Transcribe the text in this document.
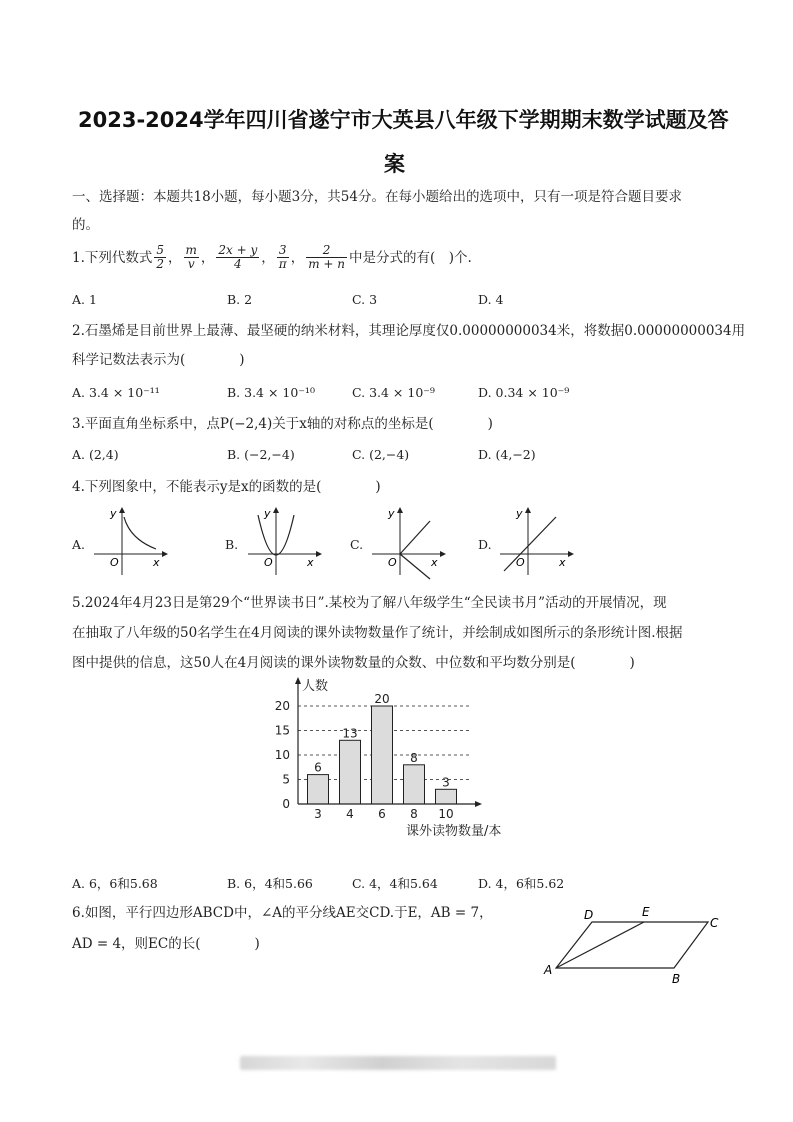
2023-2024学年四川省遂宁市大英县八年级下学期期末数学试题及答
案
一、选择题：本题共18小题，每小题3分，共54分。在每小题给出的选项中，只有一项是符合题目要求
的。
1.下列代数式 $\frac{5}{2}$ ， $\frac{m}{v}$ ， $\frac{2x + y}{4}$ ， $\frac{3}{\pi}$ ， $\frac{2}{m + n}$ 中是分式的有(　)个.
A. 1	B. 2	C. 3	D. 4
2.石墨烯是目前世界上最薄、最坚硬的纳米材料，其理论厚度仅0.00000000034米，将数据0.00000000034用
科学记数法表示为(　　　　)
A. 3.4 × 10⁻¹¹	B. 3.4 × 10⁻¹⁰	C. 3.4 × 10⁻⁹	D. 0.34 × 10⁻⁹
3.平面直角坐标系中，点P(−2,4)关于x轴的对称点的坐标是(　　　　)
A. (2,4)	B. (−2,−4)	C. (2,−4)	D. (4,−2)
4.下列图象中，不能表示y是x的函数的是(　　　　)
A.
y
x
O
B.
y
x
O
C.
y
x
O
D.
y
x
O
5.2024年4月23日是第29个“世界读书日”.某校为了解八年级学生“全民读书月”活动的开展情况，现
在抽取了八年级的50名学生在4月阅读的课外读物数量作了统计，并绘制成如图所示的条形统计图.根据
图中提供的信息，这50人在4月阅读的课外读物数量的众数、中位数和平均数分别是(　　　　)
6
3
13
4
20
6
8
8
3
10
0
5
10
15
20
人数
课外读物数量/本
A. 6，6和5.68	B. 6，4和5.66	C. 4，4和5.64	D. 4，6和5.62
6.如图，平行四边形ABCD中，∠A的平分线AE交CD.于E，AB = 7，
AD = 4，则EC的长(　　　　)
A
B
C
D	E
